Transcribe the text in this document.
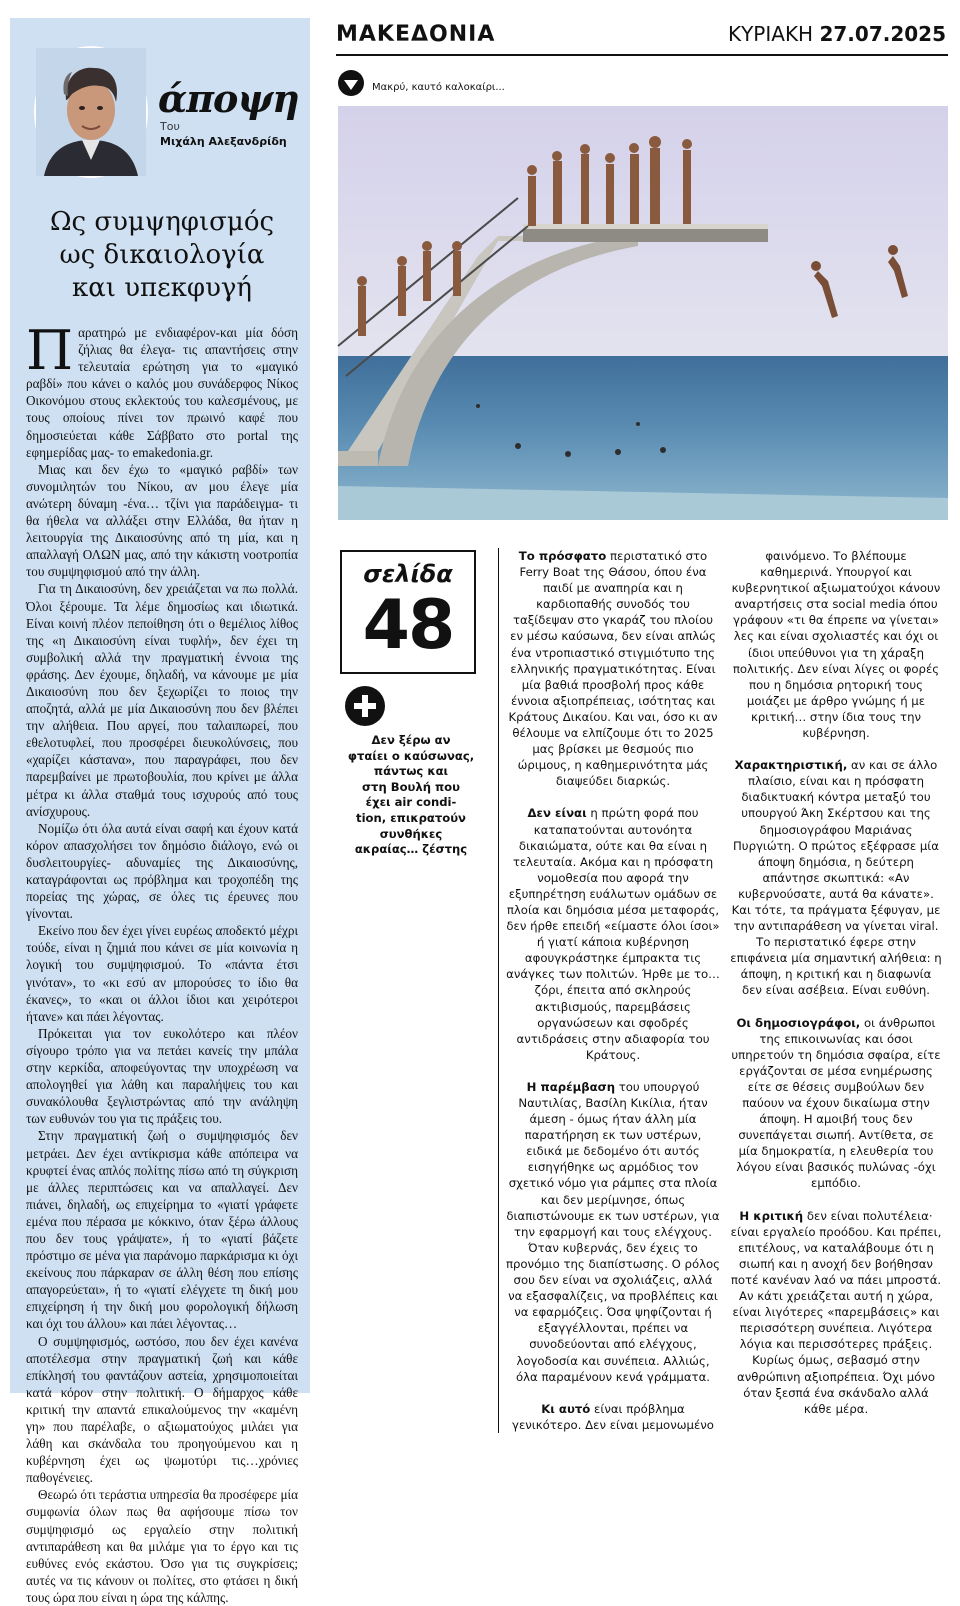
άποψη
Του
Μιχάλη Αλεξανδρίδη
Ως συμψηφισμός
ως δικαιολογία
και υπεκφυγή

Παρατηρώ με ενδιαφέρον-και μία δόση ζήλιας θα έλεγα- τις απαντήσεις στην τελευταία ερώτηση για το «μαγικό ραβδί» που κάνει ο καλός μου συνάδερφος Νίκος Οικονόμου στους εκλεκτούς του καλεσμένους, με τους οποίους πίνει τον πρωινό καφέ που δημοσιεύεται κάθε Σάββατο στο portal της εφημερίδας μας- το emakedonia.gr.

Μιας και δεν έχω το «μαγικό ραβδί» των συνομιλητών του Νίκου, αν μου έλεγε μία ανώτερη δύναμη -ένα… τζίνι για παράδειγμα- τι θα ήθελα να αλλάξει στην Ελλάδα, θα ήταν η λειτουργία της Δικαιοσύνης από τη μία, και η απαλλαγή ΟΛΩΝ μας, από την κάκιστη νοοτροπία του συμψηφισμού από την άλλη.

Για τη Δικαιοσύνη, δεν χρειάζεται να πω πολλά. Όλοι ξέρουμε. Τα λέμε δημοσίως και ιδιωτικά. Είναι κοινή πλέον πεποίθηση ότι ο θεμέλιος λίθος της «η Δικαιοσύνη είναι τυφλή», δεν έχει τη συμβολική αλλά την πραγματική έννοια της φράσης. Δεν έχουμε, δηλαδή, να κάνουμε με μία Δικαιοσύνη που δεν ξεχωρίζει το ποιος την αποζητά, αλλά με μία Δικαιοσύνη που δεν βλέπει την αλήθεια. Που αργεί, που ταλαιπωρεί, που εθελοτυφλεί, που προσφέρει διευκολύνσεις, που «χαρίζει κάστανα», που παραγράφει, που δεν παρεμβαίνει με πρωτοβουλία, που κρίνει με άλλα μέτρα κι άλλα σταθμά τους ισχυρούς από τους ανίσχυρους.

Νομίζω ότι όλα αυτά είναι σαφή και έχουν κατά κόρον απασχολήσει τον δημόσιο διάλογο, ενώ οι δυσλειτουργίες- αδυναμίες της Δικαιοσύνης, καταγράφονται ως πρόβλημα και τροχοπέδη της πορείας της χώρας, σε όλες τις έρευνες που γίνονται.

Εκείνο που δεν έχει γίνει ευρέως αποδεκτό μέχρι τούδε, είναι η ζημιά που κάνει σε μία κοινωνία η λογική του συμψηφισμού. Το «πάντα έτσι γινόταν», το «κι εσύ αν μπορούσες το ίδιο θα έκανες», το «και οι άλλοι ίδιοι και χειρότεροι ήτανε» και πάει λέγοντας.

Πρόκειται για τον ευκολότερο και πλέον σίγουρο τρόπο για να πετάει κανείς την μπάλα στην κερκίδα, αποφεύγοντας την υποχρέωση να απολογηθεί για λάθη και παραλήψεις του και συνακόλουθα ξεγλιστρώντας από την ανάληψη των ευθυνών του για τις πράξεις του.

Στην πραγματική ζωή ο συμψηφισμός δεν μετράει. Δεν έχει αντίκρισμα κάθε απόπειρα να κρυφτεί ένας απλός πολίτης πίσω από τη σύγκριση με άλλες περιπτώσεις και να απαλλαγεί. Δεν πιάνει, δηλαδή, ως επιχείρημα το «γιατί γράφετε εμένα που πέρασα με κόκκινο, όταν ξέρω άλλους που δεν τους γράψατε», ή το «γιατί βάζετε πρόστιμο σε μένα για παράνομο παρκάρισμα κι όχι εκείνους που πάρκαραν σε άλλη θέση που επίσης απαγορεύεται», ή το «γιατί ελέγχετε τη δική μου επιχείρηση ή την δική μου φορολογική δήλωση και όχι του άλλου» και πάει λέγοντας…

Ο συμψηφισμός, ωστόσο, που δεν έχει κανένα αποτέλεσμα στην πραγματική ζωή και κάθε επίκλησή του φαντάζουν αστεία, χρησιμοποιείται κατά κόρον στην πολιτική. Ο δήμαρχος κάθε κριτική την απαντά επικαλούμενος την «καμένη γη» που παρέλαβε, ο αξιωματούχος μιλάει για λάθη και σκάνδαλα του προηγούμενου και η κυβέρνηση έχει ως ψωμοτύρι τις…χρόνιες παθογένειες.

Θεωρώ ότι τεράστια υπηρεσία θα προσέφερε μία συμφωνία όλων πως θα αφήσουμε πίσω τον συμψηφισμό ως εργαλείο στην πολιτική αντιπαράθεση και θα μιλάμε για το έργο και τις ευθύνες ενός εκάστου. Όσο για τις συγκρίσεις; αυτές να τις κάνουν οι πολίτες, στο φτάσει η δική τους ώρα που είναι η ώρα της κάλπης.

ΜΑΚΕΔΟΝΙΑ	ΚΥΡΙΑΚΗ 27.07.2025
Μακρύ, καυτό καλοκαίρι...
σελίδα
48
Δεν ξέρω αν
φταίει ο καύσωνας,
πάντως και
στη Βουλή που
έχει air condi-
tion, επικρατούν
συνθήκες
ακραίας… ζέστης

Το πρόσφατο περιστατικό στο Ferry Boat της Θάσου, όπου ένα παιδί με αναπηρία και η καρδιοπαθής συνοδός του ταξίδεψαν στο γκαράζ του πλοίου εν μέσω καύσωνα, δεν είναι απλώς ένα ντροπιαστικό στιγμιότυπο της ελληνικής πραγματικότητας. Είναι μία βαθιά προσβολή προς κάθε έννοια αξιοπρέπειας, ισότητας και Κράτους Δικαίου. Και ναι, όσο κι αν θέλουμε να ελπίζουμε ότι το 2025 μας βρίσκει με θεσμούς πιο ώριμους, η καθημερινότητα μάς διαψεύδει διαρκώς.

Δεν είναι η πρώτη φορά που καταπατούνται αυτονόητα δικαιώματα, ούτε και θα είναι η τελευταία. Ακόμα και η πρόσφατη νομοθεσία που αφορά την εξυπηρέτηση ευάλωτων ομάδων σε πλοία και δημόσια μέσα μεταφοράς, δεν ήρθε επειδή «είμαστε όλοι ίσοι» ή γιατί κάποια κυβέρνηση αφουγκράστηκε έμπρακτα τις ανάγκες των πολιτών. Ήρθε με το… ζόρι, έπειτα από σκληρούς ακτιβισμούς, παρεμβάσεις οργανώσεων και σφοδρές αντιδράσεις στην αδιαφορία του Κράτους.

Η παρέμβαση του υπουργού Ναυτιλίας, Βασίλη Κικίλια, ήταν άμεση - όμως ήταν άλλη μία παρατήρηση εκ των υστέρων, ειδικά με δεδομένο ότι αυτός εισηγήθηκε ως αρμόδιος τον σχετικό νόμο για ράμπες στα πλοία και δεν μερίμνησε, όπως διαπιστώνουμε εκ των υστέρων, για την εφαρμογή και τους ελέγχους. Όταν κυβερνάς, δεν έχεις το προνόμιο της διαπίστωσης. Ο ρόλος σου δεν είναι να σχολιάζεις, αλλά να εξασφαλίζεις, να προβλέπεις και να εφαρμόζεις. Όσα ψηφίζονται ή εξαγγέλλονται, πρέπει να συνοδεύονται από ελέγχους, λογοδοσία και συνέπεια. Αλλιώς, όλα παραμένουν κενά γράμματα.

Κι αυτό είναι πρόβλημα γενικότερο. Δεν είναι μεμονωμένο

φαινόμενο. Το βλέπουμε καθημερινά. Υπουργοί και κυβερνητικοί αξιωματούχοι κάνουν αναρτήσεις στα social media όπου γράφουν «τι θα έπρεπε να γίνεται» λες και είναι σχολιαστές και όχι οι ίδιοι υπεύθυνοι για τη χάραξη πολιτικής. Δεν είναι λίγες οι φορές που η δημόσια ρητορική τους μοιάζει με άρθρο γνώμης ή με κριτική… στην ίδια τους την κυβέρνηση.

Χαρακτηριστική, αν και σε άλλο πλαίσιο, είναι και η πρόσφατη διαδικτυακή κόντρα μεταξύ του υπουργού Άκη Σκέρτσου και της δημοσιογράφου Μαριάνας Πυργιώτη. Ο πρώτος εξέφρασε μία άποψη δημόσια, η δεύτερη απάντησε σκωπτικά: «Αν κυβερνούσατε, αυτά θα κάνατε». Και τότε, τα πράγματα ξέφυγαν, με την αντιπαράθεση να γίνεται viral. Το περιστατικό έφερε στην επιφάνεια μία σημαντική αλήθεια: η άποψη, η κριτική και η διαφωνία δεν είναι ασέβεια. Είναι ευθύνη.

Οι δημοσιογράφοι, οι άνθρωποι της επικοινωνίας και όσοι υπηρετούν τη δημόσια σφαίρα, είτε εργάζονται σε μέσα ενημέρωσης είτε σε θέσεις συμβούλων δεν παύουν να έχουν δικαίωμα στην άποψη. Η αμοιβή τους δεν συνεπάγεται σιωπή. Αντίθετα, σε μία δημοκρατία, η ελευθερία του λόγου είναι βασικός πυλώνας -όχι εμπόδιο.

Η κριτική δεν είναι πολυτέλεια· είναι εργαλείο προόδου. Και πρέπει, επιτέλους, να καταλάβουμε ότι η σιωπή και η ανοχή δεν βοήθησαν ποτέ κανέναν λαό να πάει μπροστά. Αν κάτι χρειάζεται αυτή η χώρα, είναι λιγότερες «παρεμβάσεις» και περισσότερη συνέπεια. Λιγότερα λόγια και περισσότερες πράξεις. Κυρίως όμως, σεβασμό στην ανθρώπινη αξιοπρέπεια. Όχι μόνο όταν ξεσπά ένα σκάνδαλο αλλά κάθε μέρα.
